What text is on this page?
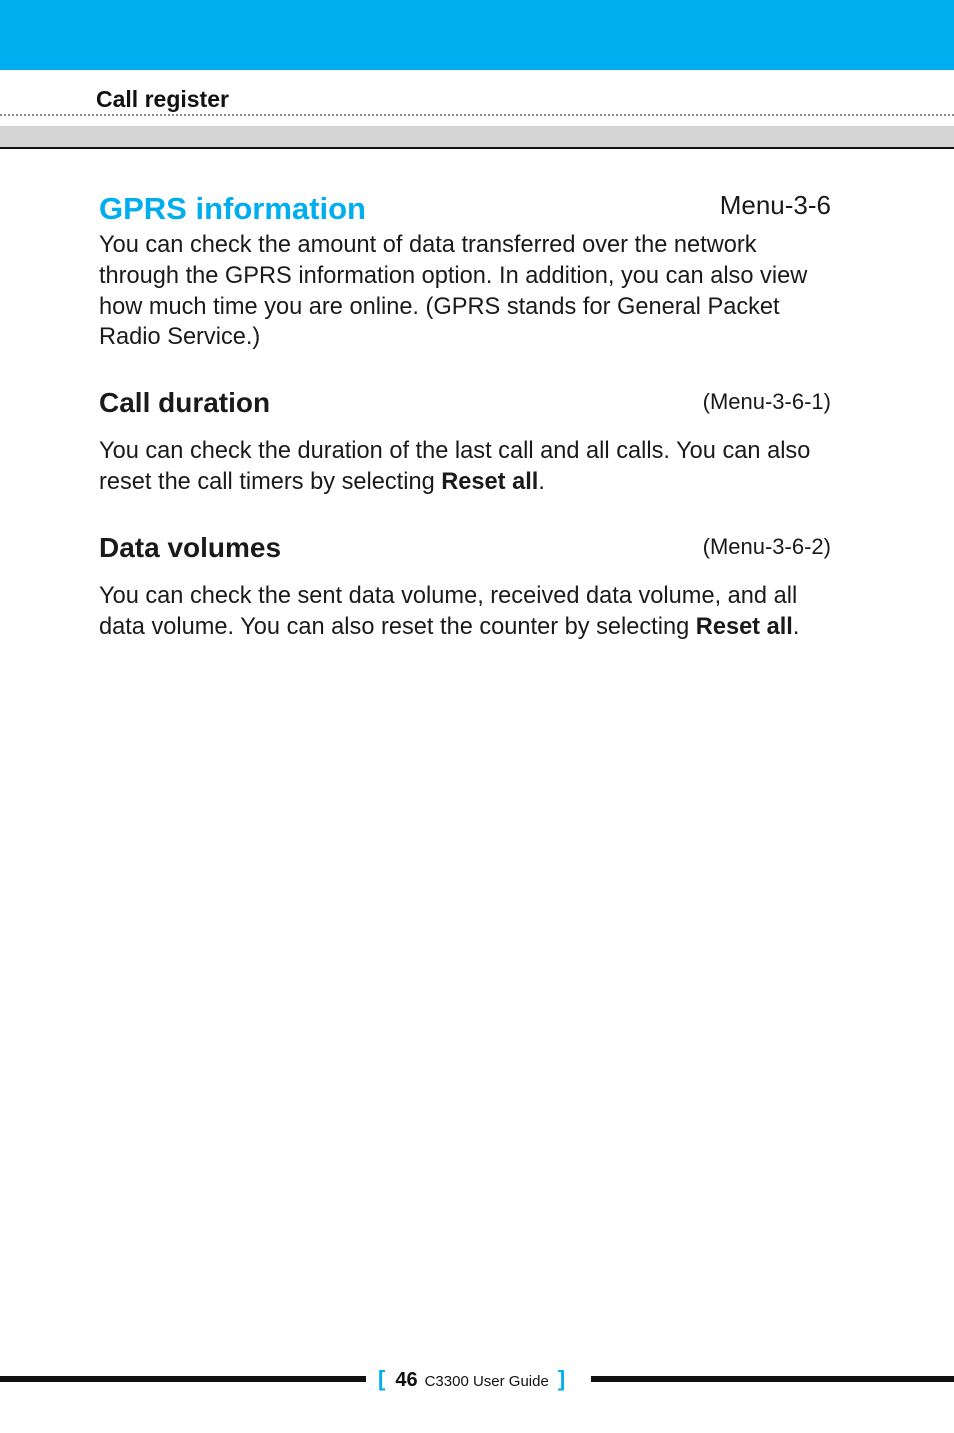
Call register
GPRS information	Menu-3-6

You can check the amount of data transferred over the network through the GPRS information option. In addition, you can also view how much time you are online. (GPRS stands for General Packet Radio Service.)

Call duration	(Menu-3-6-1)

You can check the duration of the last call and all calls. You can also reset the call timers by selecting Reset all.

Data volumes	(Menu-3-6-2)

You can check the sent data volume, received data volume, and all data volume. You can also reset the counter by selecting Reset all.

[ 46 C3300 User Guide ]
